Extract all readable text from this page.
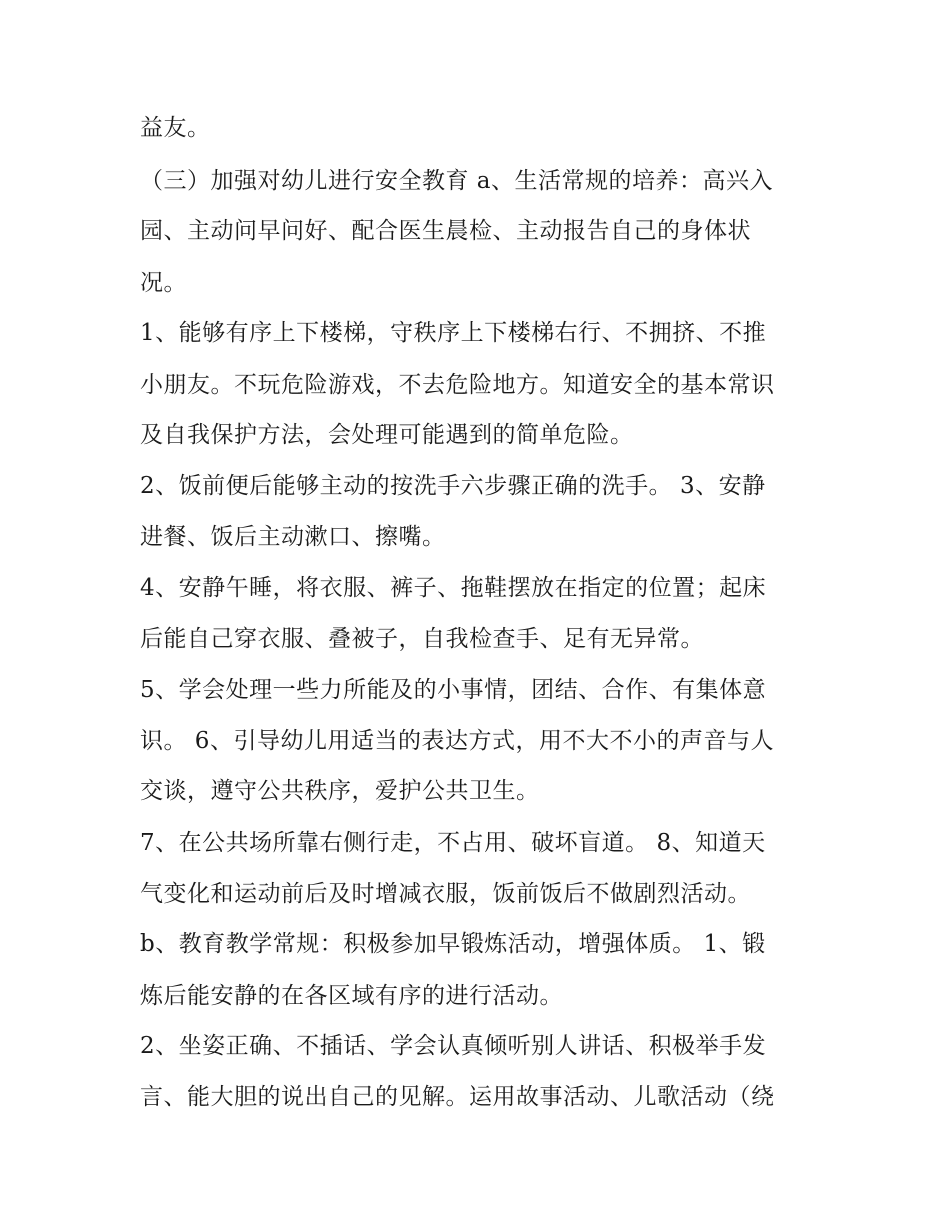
益友。
（三）加强对幼儿进行安全教育 a、生活常规的培养：高兴入
园、主动问早问好、配合医生晨检、主动报告自己的身体状
况。
1、能够有序上下楼梯，守秩序上下楼梯右行、不拥挤、不推
小朋友。不玩危险游戏，不去危险地方。知道安全的基本常识
及自我保护方法，会处理可能遇到的简单危险。
2、饭前便后能够主动的按洗手六步骤正确的洗手。 3、安静
进餐、饭后主动漱口、擦嘴。
4、安静午睡，将衣服、裤子、拖鞋摆放在指定的位置；起床
后能自己穿衣服、叠被子，自我检查手、足有无异常。
5、学会处理一些力所能及的小事情，团结、合作、有集体意
识。 6、引导幼儿用适当的表达方式，用不大不小的声音与人
交谈，遵守公共秩序，爱护公共卫生。
7、在公共场所靠右侧行走，不占用、破坏盲道。 8、知道天
气变化和运动前后及时增减衣服，饭前饭后不做剧烈活动。
b、教育教学常规：积极参加早锻炼活动，增强体质。 1、锻
炼后能安静的在各区域有序的进行活动。
2、坐姿正确、不插话、学会认真倾听别人讲话、积极举手发
言、能大胆的说出自己的见解。运用故事活动、儿歌活动（绕
